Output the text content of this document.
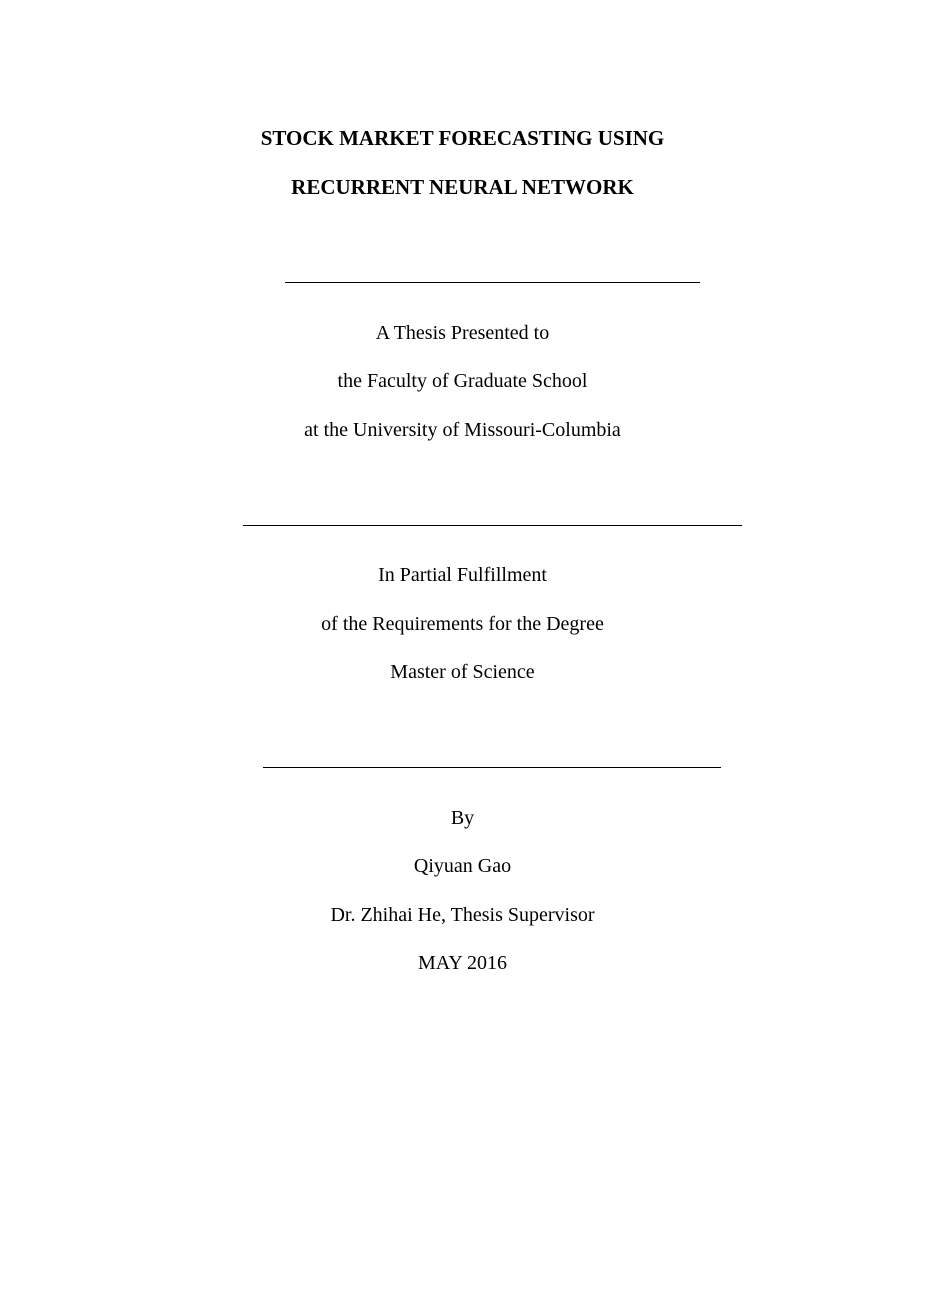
STOCK MARKET FORECASTING USING
RECURRENT NEURAL NETWORK
A Thesis Presented to
the Faculty of Graduate School
at the University of Missouri-Columbia
In Partial Fulfillment
of the Requirements for the Degree
Master of Science
By
Qiyuan Gao
Dr. Zhihai He, Thesis Supervisor
MAY 2016
